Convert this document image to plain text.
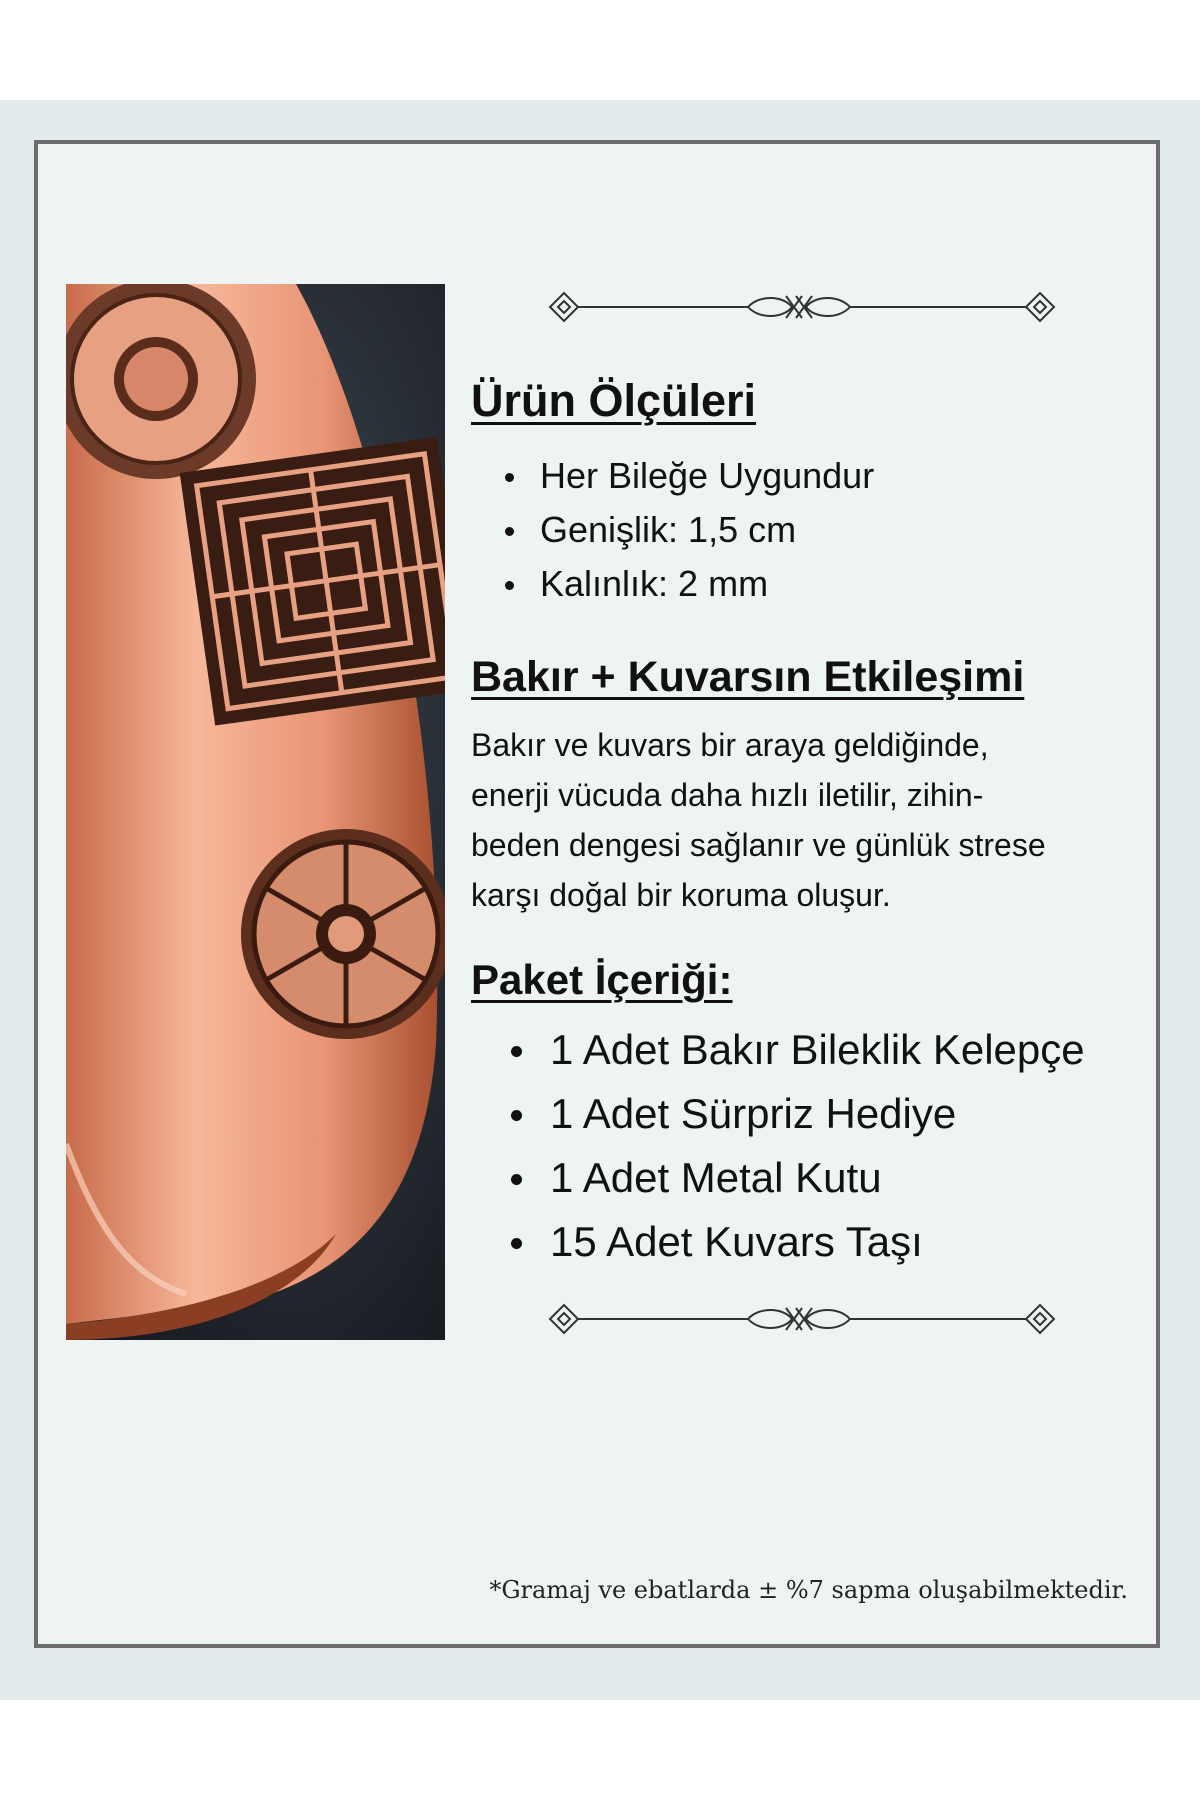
Ürün Ölçüleri
Her Bileğe Uygundur
Genişlik: 1,5 cm
Kalınlık: 2 mm
Bakır + Kuvarsın Etkileşimi
Bakır ve kuvars bir araya geldiğinde,
enerji vücuda daha hızlı iletilir, zihin-
beden dengesi sağlanır ve günlük strese
karşı doğal bir koruma oluşur.
Paket İçeriği:
1 Adet Bakır Bileklik Kelepçe
1 Adet Sürpriz Hediye
1 Adet Metal Kutu
15 Adet Kuvars Taşı
*Gramaj ve ebatlarda ± %7 sapma oluşabilmektedir.
